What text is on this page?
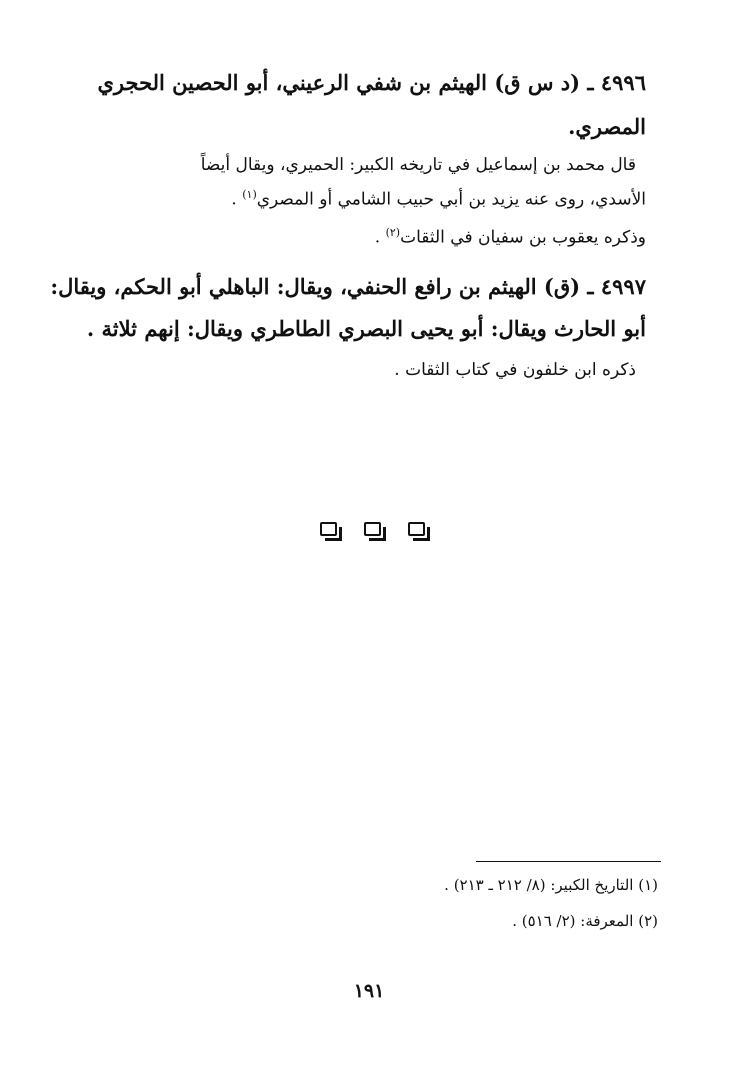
٤٩٩٦ ـ (د س ق) الهيثم بن شفي الرعيني، أبو الحصين الحجري
المصري.
قال محمد بن إسماعيل في تاريخه الكبير: الحميري، ويقال أيضاً
الأسدي، روى عنه يزيد بن أبي حبيب الشامي أو المصري$^{(١)}$ .
وذكره يعقوب بن سفيان في الثقات$^{(٢)}$ .
٤٩٩٧ ـ (ق) الهيثم بن رافع الحنفي، ويقال: الباهلي أبو الحكم، ويقال:
أبو الحارث ويقال: أبو يحيى البصري الطاطري ويقال: إنهم ثلاثة .
ذكره ابن خلفون في كتاب الثقات .
(١) التاريخ الكبير: (٨/ ٢١٢ ـ ٢١٣) .
(٢) المعرفة: (٢/ ٥١٦) .
١٩١
